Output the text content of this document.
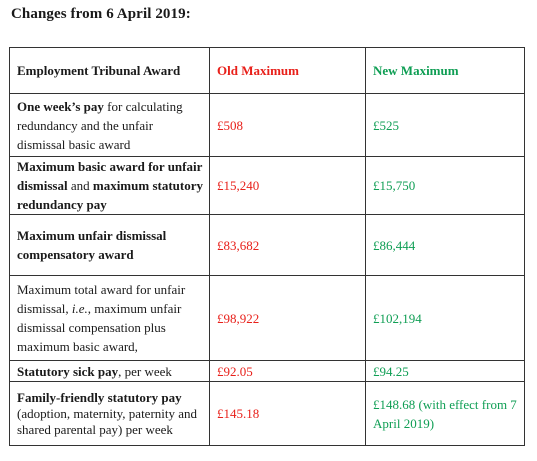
Changes from 6 April 2019:
Employment Tribunal Award	Old Maximum	New Maximum

One week’s pay for calculating redundancy and the unfair dismissal basic award	£508	£525

Maximum basic award for unfair dismissal and maximum statutory redundancy pay	£15,240	£15,750

Maximum unfair dismissal compensatory award	£83,682	£86,444

Maximum total award for unfair dismissal, i.e., maximum unfair dismissal compensation plus maximum basic award,	£98,922	£102,194

Statutory sick pay, per week	£92.05	£94.25

Family-friendly statutory pay (adoption, maternity, paternity and shared parental pay) per week	£145.18	£148.68 (with effect from 7 April 2019)
